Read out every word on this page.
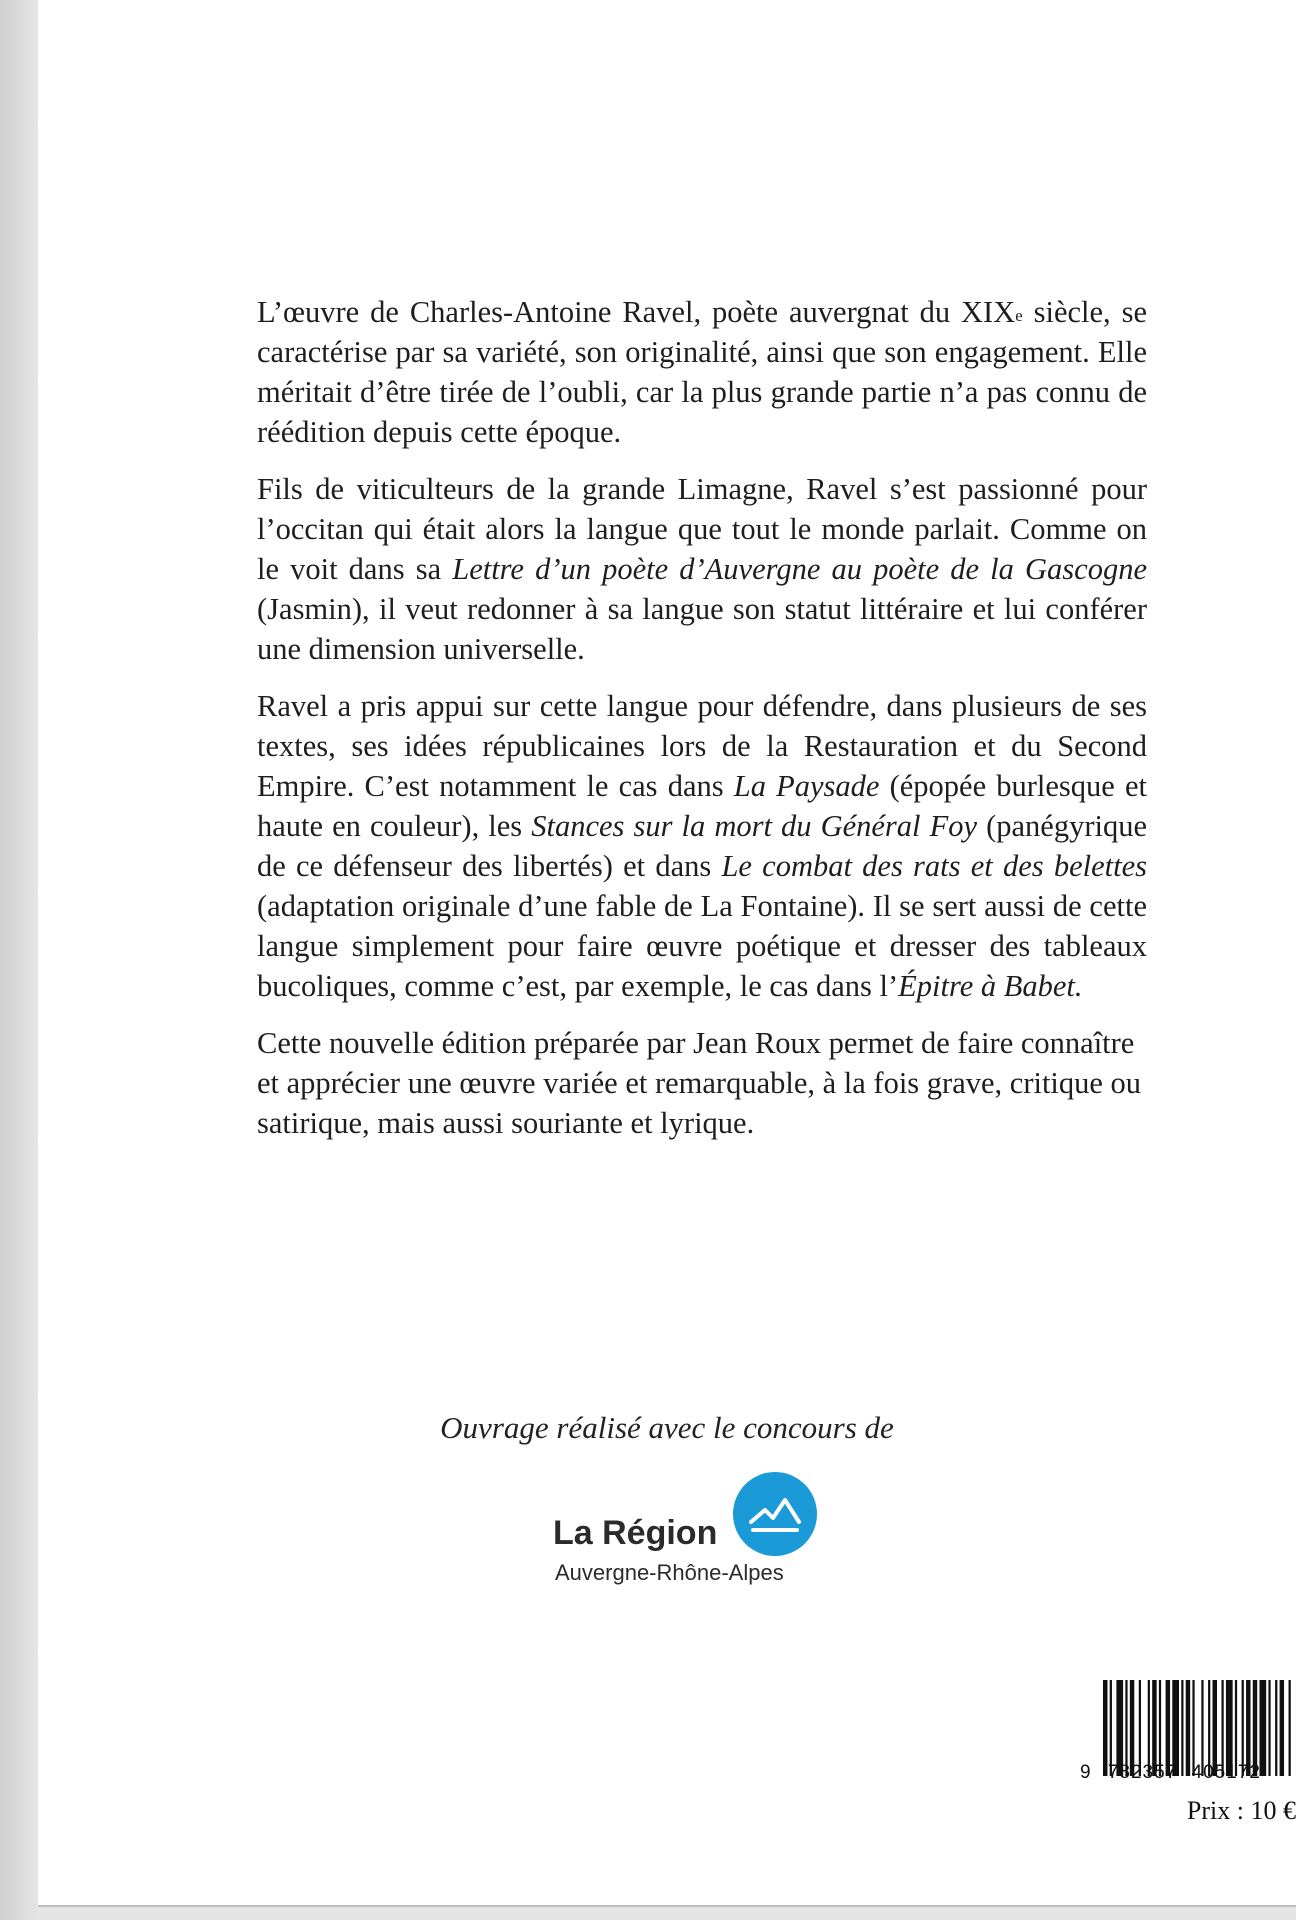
L’œuvre de Charles-Antoine Ravel, poète auvergnat du XIXe siècle, se caractérise par sa variété, son originalité, ainsi que son engagement. Elle méritait d’être tirée de l’oubli, car la plus grande partie n’a pas connu de réédition depuis cette époque.

Fils de viticulteurs de la grande Limagne, Ravel s’est passionné pour l’occitan qui était alors la langue que tout le monde parlait. Comme on le voit dans sa Lettre d’un poète d’Auvergne au poète de la Gascogne (Jasmin), il veut redonner à sa langue son statut littéraire et lui conférer une dimension universelle.

Ravel a pris appui sur cette langue pour défendre, dans plusieurs de ses textes, ses idées républicaines lors de la Restauration et du Second Empire. C’est notamment le cas dans La Paysade (épopée burlesque et haute en couleur), les Stances sur la mort du Général Foy (panégyrique de ce défenseur des libertés) et dans Le combat des rats et des belettes (adaptation originale d’une fable de La Fontaine). Il se sert aussi de cette langue simplement pour faire œuvre poétique et dresser des tableaux bucoliques, comme c’est, par exemple, le cas dans l’Épitre à Babet.

Cette nouvelle édition préparée par Jean Roux permet de faire connaître et apprécier une œuvre variée et remarquable, à la fois grave, critique ou satirique, mais aussi souriante et lyrique.

Ouvrage réalisé avec le concours de
La Région
Auvergne-Rhône-Alpes
9 782357 405172
Prix : 10 €
